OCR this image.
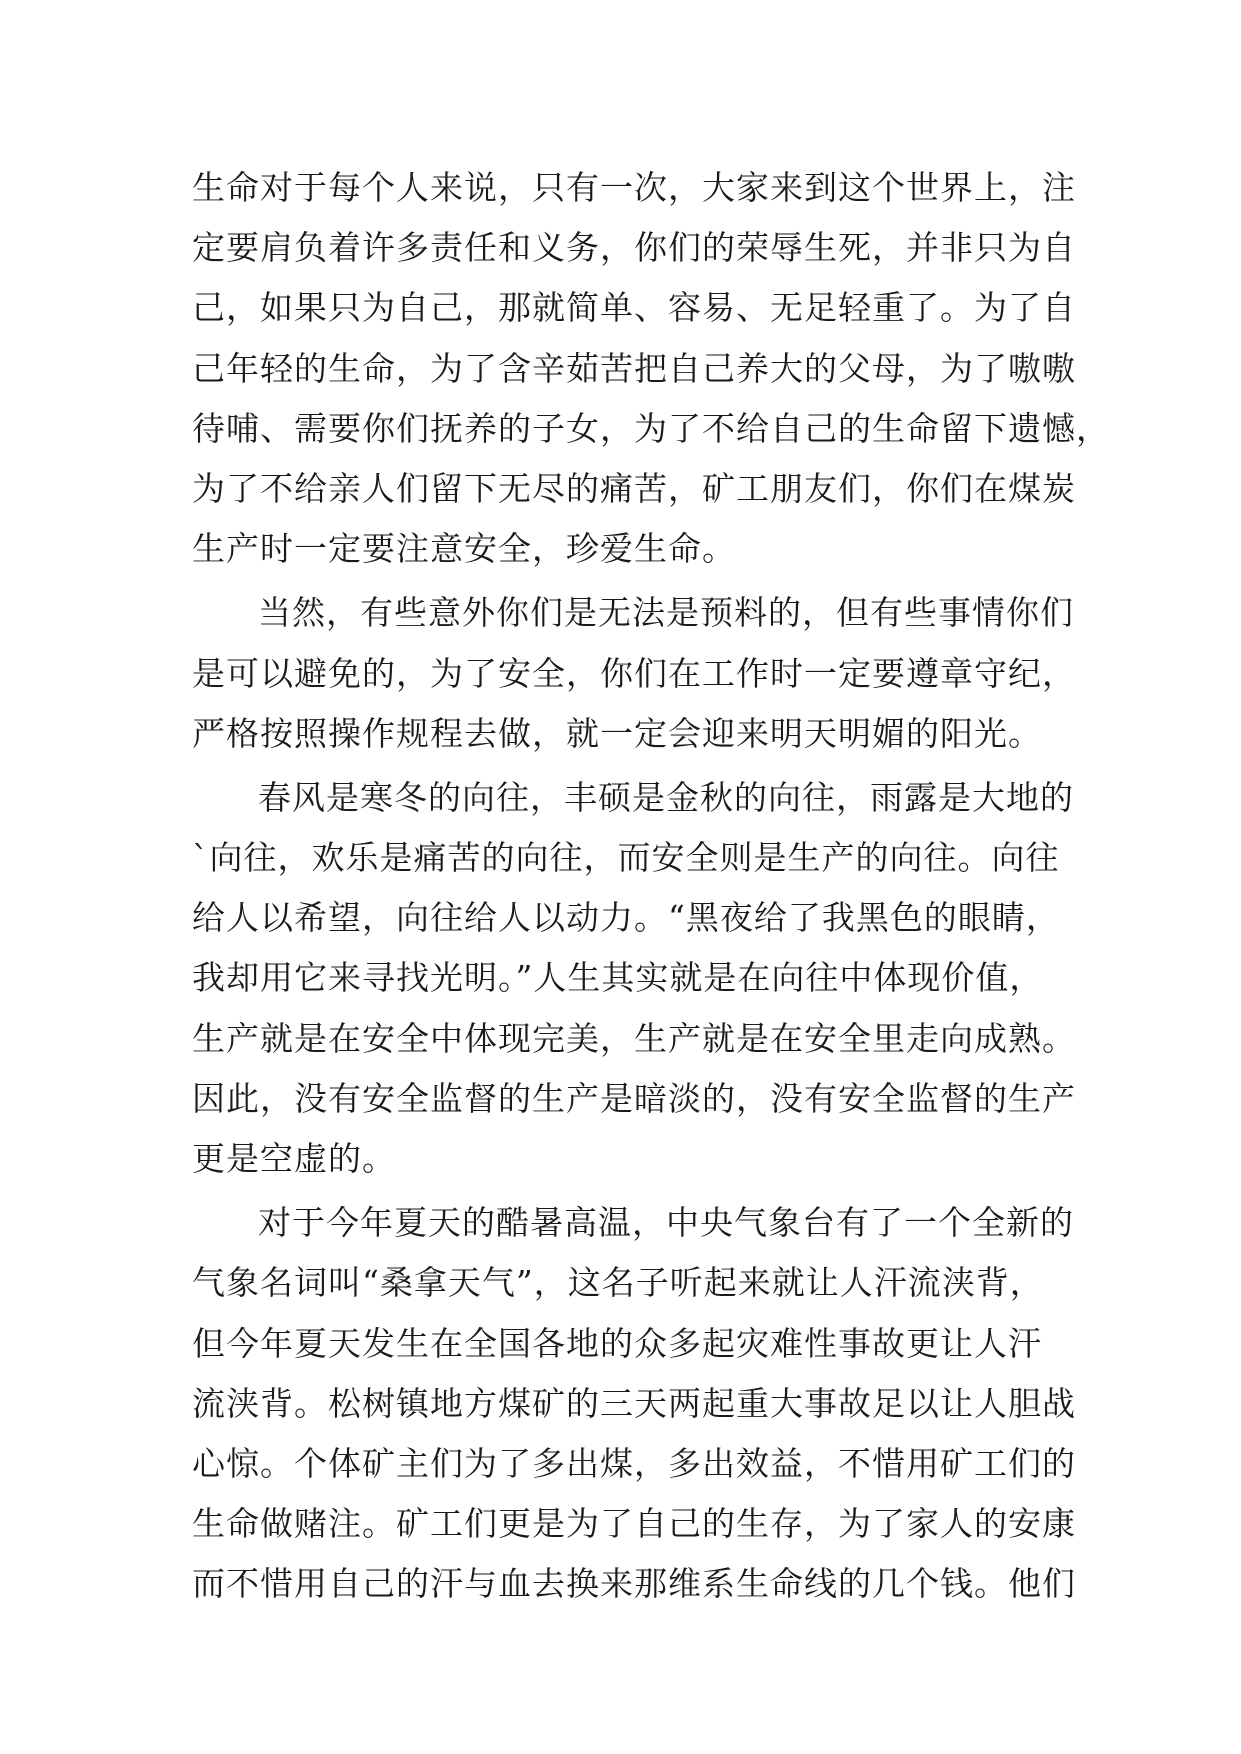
生命对于每个人来说，只有一次，大家来到这个世界上，注
定要肩负着许多责任和义务，你们的荣辱生死，并非只为自
己，如果只为自己，那就简单、容易、无足轻重了。为了自
己年轻的生命，为了含辛茹苦把自己养大的父母，为了嗷嗷
待哺、需要你们抚养的子女，为了不给自己的生命留下遗憾，
为了不给亲人们留下无尽的痛苦，矿工朋友们，你们在煤炭
生产时一定要注意安全，珍爱生命。
当然，有些意外你们是无法是预料的，但有些事情你们
是可以避免的，为了安全，你们在工作时一定要遵章守纪，
严格按照操作规程去做，就一定会迎来明天明媚的阳光。
春风是寒冬的向往，丰硕是金秋的向往，雨露是大地的
`向往，欢乐是痛苦的向往，而安全则是生产的向往。向往
给人以希望，向往给人以动力。“黑夜给了我黑色的眼睛，
我却用它来寻找光明。”人生其实就是在向往中体现价值，
生产就是在安全中体现完美，生产就是在安全里走向成熟。
因此，没有安全监督的生产是暗淡的，没有安全监督的生产
更是空虚的。
对于今年夏天的酷暑高温，中央气象台有了一个全新的
气象名词叫“桑拿天气”，这名子听起来就让人汗流浃背，
但今年夏天发生在全国各地的众多起灾难性事故更让人汗
流浃背。松树镇地方煤矿的三天两起重大事故足以让人胆战
心惊。个体矿主们为了多出煤，多出效益，不惜用矿工们的
生命做赌注。矿工们更是为了自己的生存，为了家人的安康
而不惜用自己的汗与血去换来那维系生命线的几个钱。他们
